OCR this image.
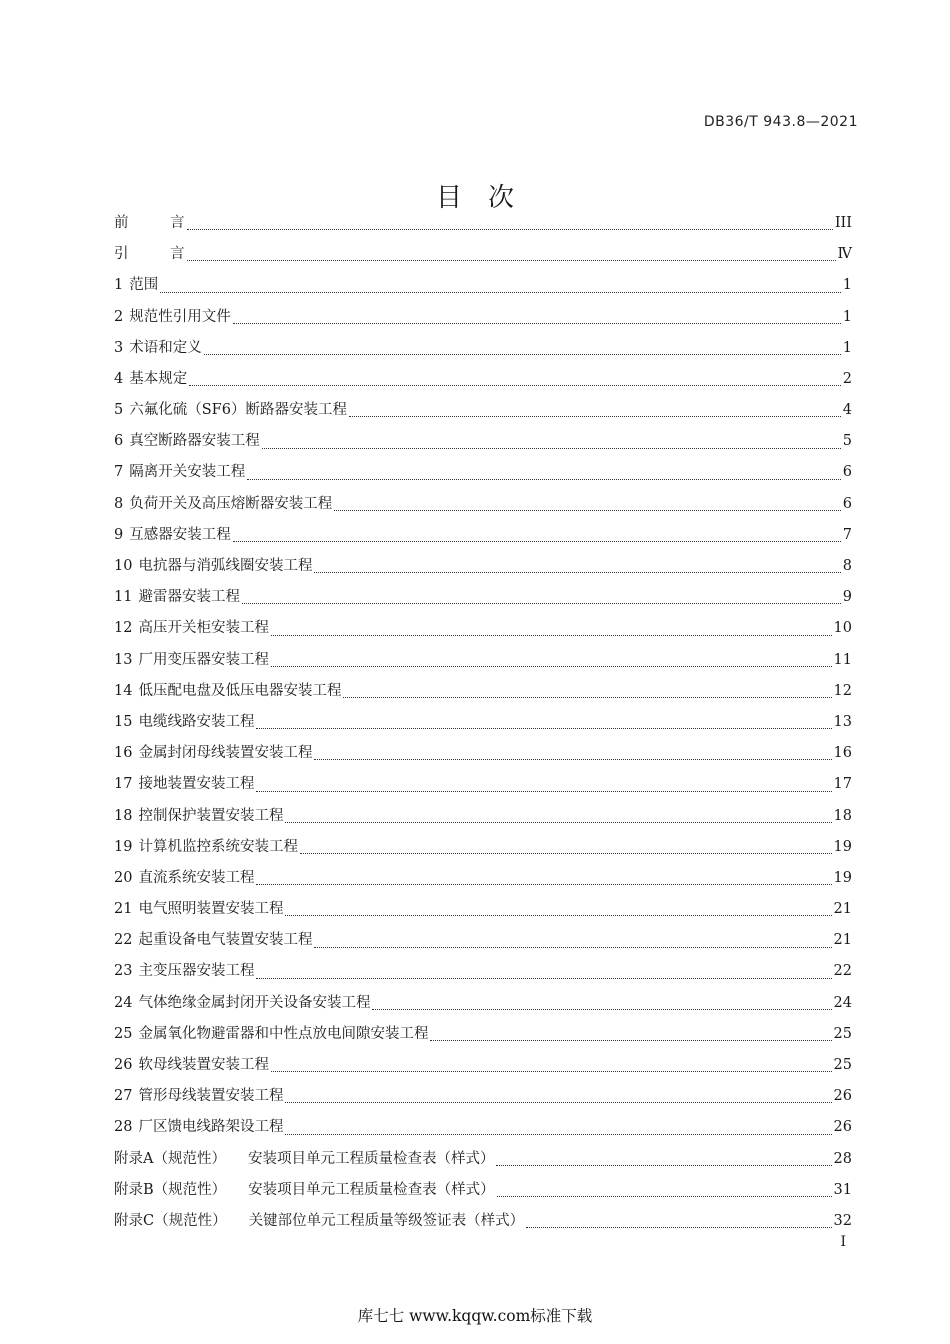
DB36/T 943.8—2021
目次
前	言	III
引	言	Ⅳ
1 范围	1
2 规范性引用文件	1
3 术语和定义	1
4 基本规定	2
5 六氟化硫（SF6）断路器安装工程	4
6 真空断路器安装工程	5
7 隔离开关安装工程	6
8 负荷开关及高压熔断器安装工程	6
9 互感器安装工程	7
10 电抗器与消弧线圈安装工程	8
11 避雷器安装工程	9
12 高压开关柜安装工程	10
13 厂用变压器安装工程	11
14 低压配电盘及低压电器安装工程	12
15 电缆线路安装工程	13
16 金属封闭母线装置安装工程	16
17 接地装置安装工程	17
18 控制保护装置安装工程	18
19 计算机监控系统安装工程	19
20 直流系统安装工程	19
21 电气照明装置安装工程	21
22 起重设备电气装置安装工程	21
23 主变压器安装工程	22
24 气体绝缘金属封闭开关设备安装工程	24
25 金属氧化物避雷器和中性点放电间隙安装工程	25
26 软母线装置安装工程	25
27 管形母线装置安装工程	26
28 厂区馈电线路架设工程	26
附录A（规范性） 安装项目单元工程质量检查表（样式）	28
附录B（规范性） 安装项目单元工程质量检查表（样式）	31
附录C（规范性） 关键部位单元工程质量等级签证表（样式）	32
I
库七七 www.kqqw.com标准下载
